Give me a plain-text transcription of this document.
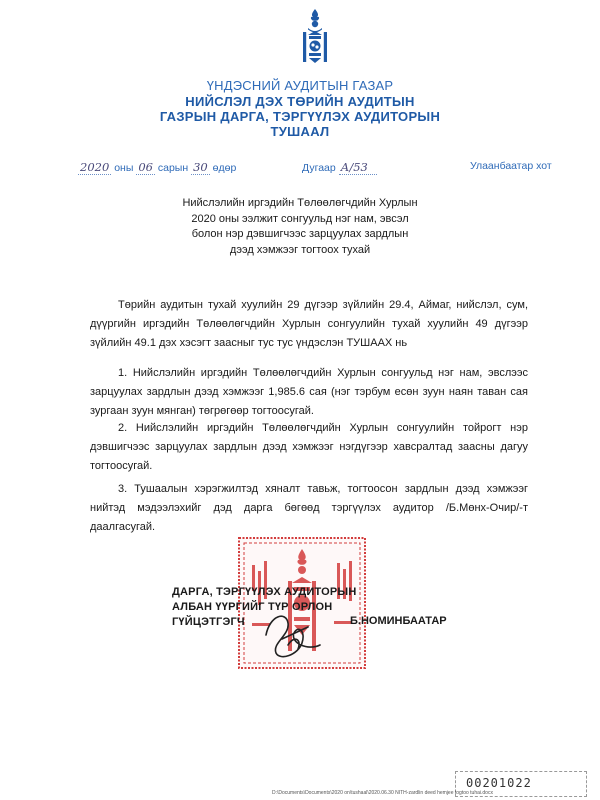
ҮНДЭСНИЙ АУДИТЫН ГАЗАР
НИЙСЛЭЛ ДЭХ ТӨРИЙН АУДИТЫН
ГАЗРЫН ДАРГА, ТЭРГҮҮЛЭХ АУДИТОРЫН
ТУШААЛ
2020 оны 06 сарын 30 өдөр	Дугаар А/53	Улаанбаатар хот
Нийслэлийн иргэдийн Төлөөлөгчдийн Хурлын
2020 оны ээлжит сонгуульд нэг нам, эвсэл
болон нэр дэвшигчээс зарцуулах зардлын
дээд хэмжээг тогтоох тухай
Төрийн аудитын тухай хуулийн 29 дүгээр зүйлийн 29.4, Аймаг, нийслэл, сум, дүүргийн иргэдийн Төлөөлөгчдийн Хурлын сонгуулийн тухай хуулийн 49 дүгээр зүйлийн 49.1 дэх хэсэгт заасныг тус тус үндэслэн ТУШААХ нь
1. Нийслэлийн иргэдийн Төлөөлөгчдийн Хурлын сонгуульд нэг нам, эвслээс зарцуулах зардлын дээд хэмжээг 1,985.6 сая (нэг тэрбум есөн зуун наян таван сая зургаан зуун мянган) төгрөгөөр тогтоосугай.
2. Нийслэлийн иргэдийн Төлөөлөгчдийн Хурлын сонгуулийн тойрогт нэр дэвшигчээс зарцуулах зардлын дээд хэмжээг нэгдүгээр хавсралтад заасны дагуу тогтоосугай.
3. Тушаалын хэрэгжилтэд хяналт тавьж, тогтоосон зардлын дээд хэмжээг нийтэд мэдээлэхийг дэд дарга бөгөөд тэргүүлэх аудитор /Б.Мөнх-Очир/-т даалгасугай.
ДАРГА, ТЭРГҮҮЛЭХ АУДИТОРЫН
АЛБАН ҮҮРГИЙГ ТҮР ОРЛОН
ГҮЙЦЭТГЭГЧ	Б.НОМИНБААТАР
00201022
D:\Documents\Documents\2020 on\tushaal\2020.06.30 NITH-zardlin deed hemjee togtoo tuhai.docx
